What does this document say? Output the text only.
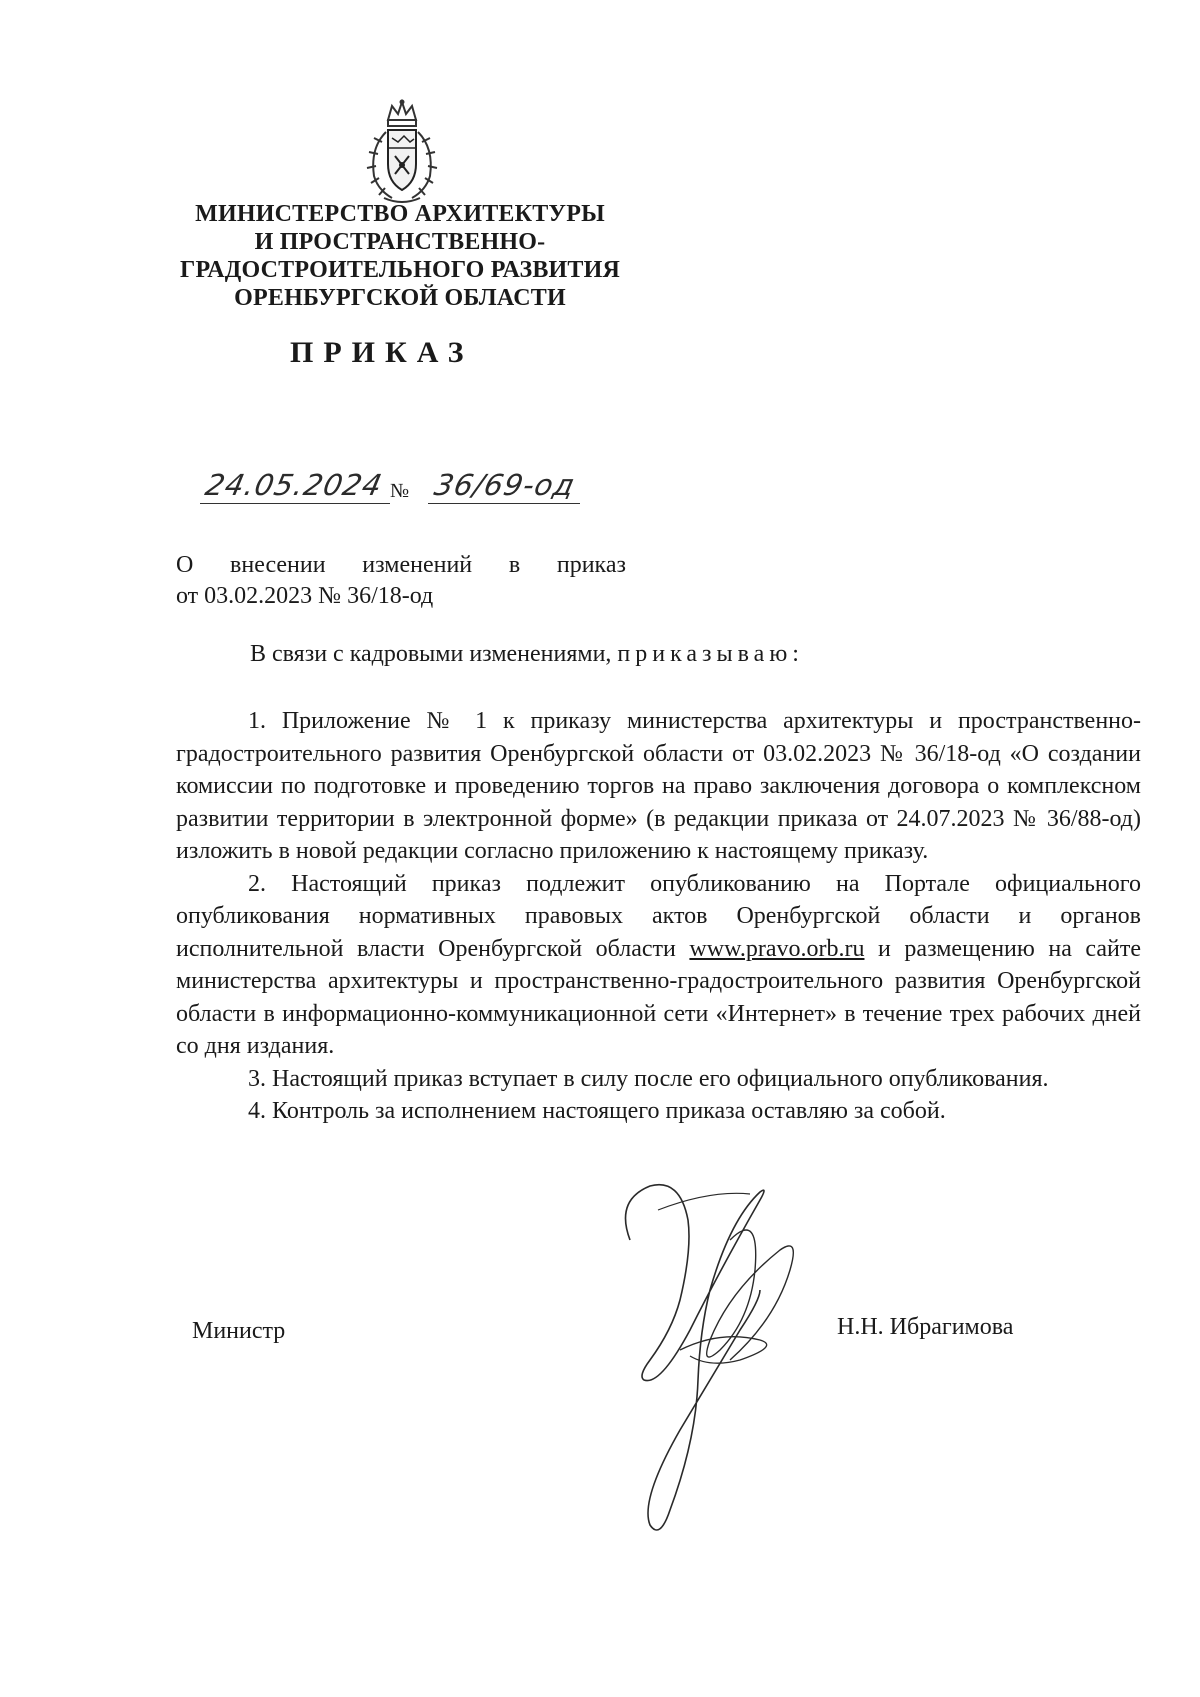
МИНИСТЕРСТВО АРХИТЕКТУРЫ
И ПРОСТРАНСТВЕННО-
ГРАДОСТРОИТЕЛЬНОГО РАЗВИТИЯ
ОРЕНБУРГСКОЙ ОБЛАСТИ
ПРИКАЗ
24.05.2024 № 36/69-од
О внесении изменений в приказ
от 03.02.2023 № 36/18-од
В связи с кадровыми изменениями, приказываю:

1. Приложение № 1 к приказу министерства архитектуры и пространственно-градостроительного развития Оренбургской области от 03.02.2023 № 36/18-од «О создании комиссии по подготовке и проведению торгов на право заключения договора о комплексном развитии территории в электронной форме» (в редакции приказа от 24.07.2023 № 36/88-од) изложить в новой редакции согласно приложению к настоящему приказу.

2. Настоящий приказ подлежит опубликованию на Портале официального опубликования нормативных правовых актов Оренбургской области и органов исполнительной власти Оренбургской области www.pravo.orb.ru и размещению на сайте министерства архитектуры и пространственно-градостроительного развития Оренбургской области в информационно-коммуникационной сети «Интернет» в течение трех рабочих дней со дня издания.

3. Настоящий приказ вступает в силу после его официального опубликования.

4. Контроль за исполнением настоящего приказа оставляю за собой.

Министр	Н.Н. Ибрагимова
